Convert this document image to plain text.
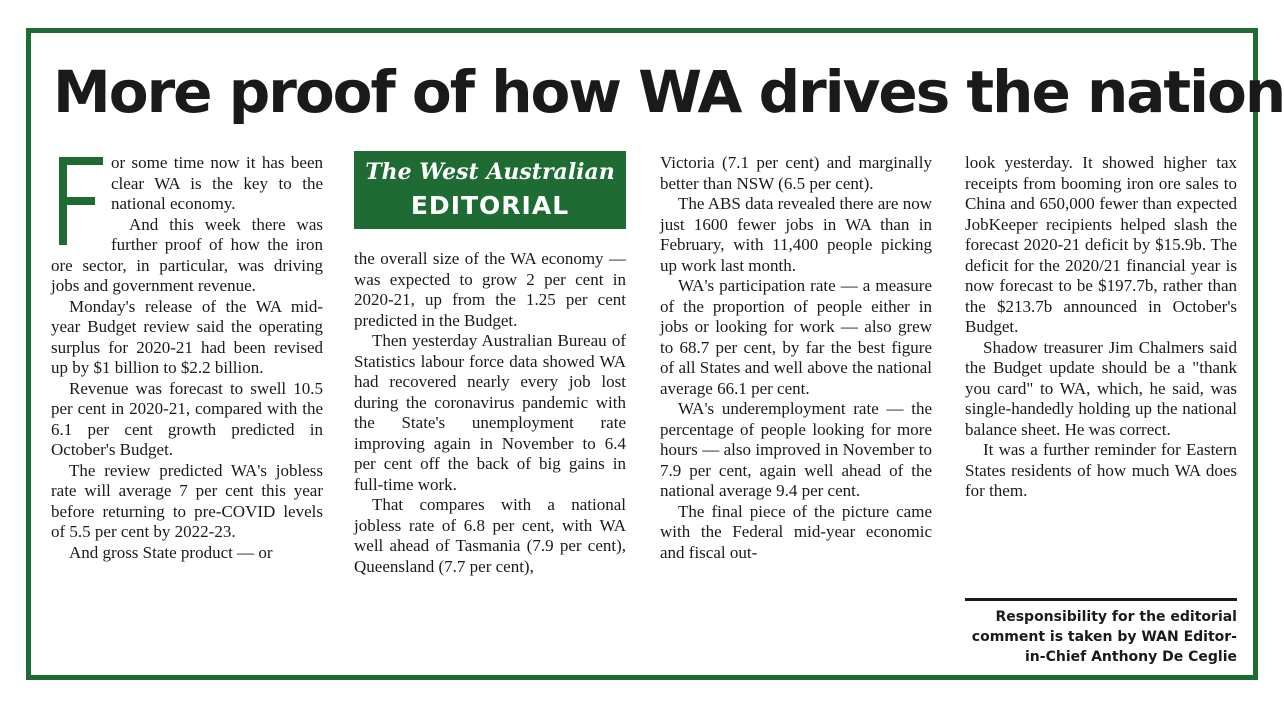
More proof of how WA drives the nation

or some time now it has been clear WA is the key to the national economy.

And this week there was further proof of how the iron ore sector, in particular, was driving jobs and government revenue.

Monday's release of the WA mid-year Budget review said the operating surplus for 2020-21 had been revised up by $1 billion to $2.2 billion.

Revenue was forecast to swell 10.5 per cent in 2020-21, compared with the 6.1 per cent growth predicted in October's Budget.

The review predicted WA's jobless rate will average 7 per cent this year before returning to pre-COVID levels of 5.5 per cent by 2022-23.

And gross State product — or

The West Australian
EDITORIAL

the overall size of the WA economy — was expected to grow 2 per cent in 2020-21, up from the 1.25 per cent predicted in the Budget.

Then yesterday Australian Bureau of Statistics labour force data showed WA had recovered nearly every job lost during the coronavirus pandemic with the State's unemployment rate improving again in November to 6.4 per cent off the back of big gains in full-time work.

That compares with a national jobless rate of 6.8 per cent, with WA well ahead of Tasmania (7.9 per cent), Queensland (7.7 per cent),

Victoria (7.1 per cent) and marginally better than NSW (6.5 per cent).

The ABS data revealed there are now just 1600 fewer jobs in WA than in February, with 11,400 people picking up work last month.

WA's participation rate — a measure of the proportion of people either in jobs or looking for work — also grew to 68.7 per cent, by far the best figure of all States and well above the national average 66.1 per cent.

WA's underemployment rate — the percentage of people looking for more hours — also improved in November to 7.9 per cent, again well ahead of the national average 9.4 per cent.

The final piece of the picture came with the Federal mid-year economic and fiscal out-

look yesterday. It showed higher tax receipts from booming iron ore sales to China and 650,000 fewer than expected JobKeeper recipients helped slash the forecast 2020-21 deficit by $15.9b. The deficit for the 2020/21 financial year is now forecast to be $197.7b, rather than the $213.7b announced in October's Budget.

Shadow treasurer Jim Chalmers said the Budget update should be a "thank you card" to WA, which, he said, was single-handedly holding up the national balance sheet. He was correct.

It was a further reminder for Eastern States residents of how much WA does for them.

Responsibility for the editorial comment is taken by WAN Editor-in-Chief Anthony De Ceglie
